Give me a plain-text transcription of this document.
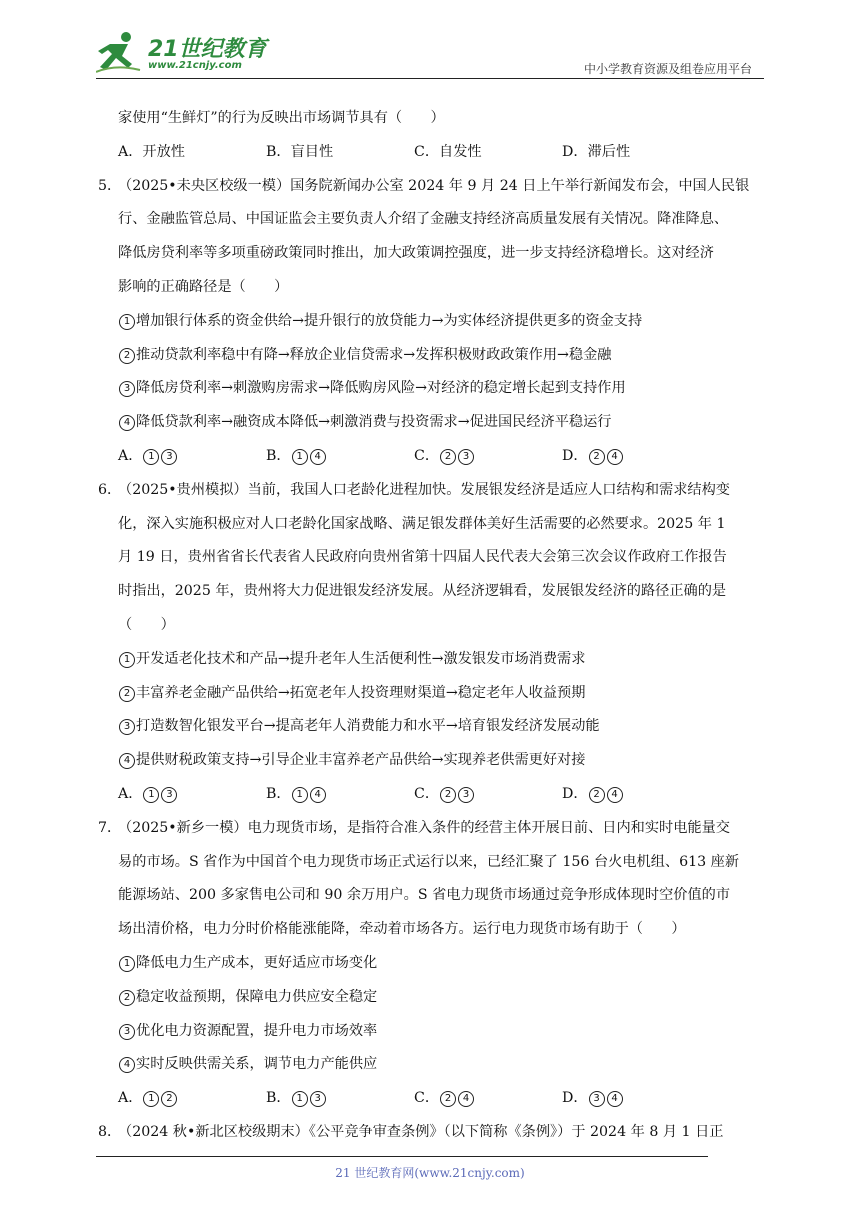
21世纪教育
www.21cnjy.com	中小学教育资源及组卷应用平台
家使用“生鲜灯”的行为反映出市场调节具有（　　）
A．开放性	B．盲目性	C．自发性	D．滞后性
5．
（2025•未央区校级一模）国务院新闻办公室 2024 年 9 月 24 日上午举行新闻发布会，中国人民银
行、金融监管总局、中国证监会主要负责人介绍了金融支持经济高质量发展有关情况。降准降息、
降低房贷利率等多项重磅政策同时推出，加大政策调控强度，进一步支持经济稳增长。这对经济
影响的正确路径是（　　）
1 增加银行体系的资金供给→提升银行的放贷能力→为实体经济提供更多的资金支持
2 推动贷款利率稳中有降→释放企业信贷需求→发挥积极财政政策作用→稳金融
3 降低房贷利率→刺激购房需求→降低购房风险→对经济的稳定增长起到支持作用
4 降低贷款利率→融资成本降低→刺激消费与投资需求→促进国民经济平稳运行
A． 1 3	B． 1 4	C． 2 3	D． 2 4
6．
（2025•贵州模拟）当前，我国人口老龄化进程加快。发展银发经济是适应人口结构和需求结构变
化，深入实施积极应对人口老龄化国家战略、满足银发群体美好生活需要的必然要求。2025 年 1
月 19 日，贵州省省长代表省人民政府向贵州省第十四届人民代表大会第三次会议作政府工作报告
时指出，2025 年，贵州将大力促进银发经济发展。从经济逻辑看，发展银发经济的路径正确的是
（　　）
1 开发适老化技术和产品→提升老年人生活便利性→激发银发市场消费需求
2 丰富养老金融产品供给→拓宽老年人投资理财渠道→稳定老年人收益预期
3 打造数智化银发平台→提高老年人消费能力和水平→培育银发经济发展动能
4 提供财税政策支持→引导企业丰富养老产品供给→实现养老供需更好对接
A． 1 3	B． 1 4	C． 2 3	D． 2 4
7．
（2025•新乡一模）电力现货市场，是指符合准入条件的经营主体开展日前、日内和实时电能量交
易的市场。S 省作为中国首个电力现货市场正式运行以来，已经汇聚了 156 台火电机组、613 座新
能源场站、200 多家售电公司和 90 余万用户。S 省电力现货市场通过竞争形成体现时空价值的市
场出清价格，电力分时价格能涨能降，牵动着市场各方。运行电力现货市场有助于（　　）
1 降低电力生产成本，更好适应市场变化
2 稳定收益预期，保障电力供应安全稳定
3 优化电力资源配置，提升电力市场效率
4 实时反映供需关系，调节电力产能供应
A． 1 2	B． 1 3	C． 2 4	D． 3 4
8．
（2024 秋•新北区校级期末）《公平竞争审查条例》（以下简称《条例》）于 2024 年 8 月 1 日正
21 世纪教育网(www.21cnjy.com)
